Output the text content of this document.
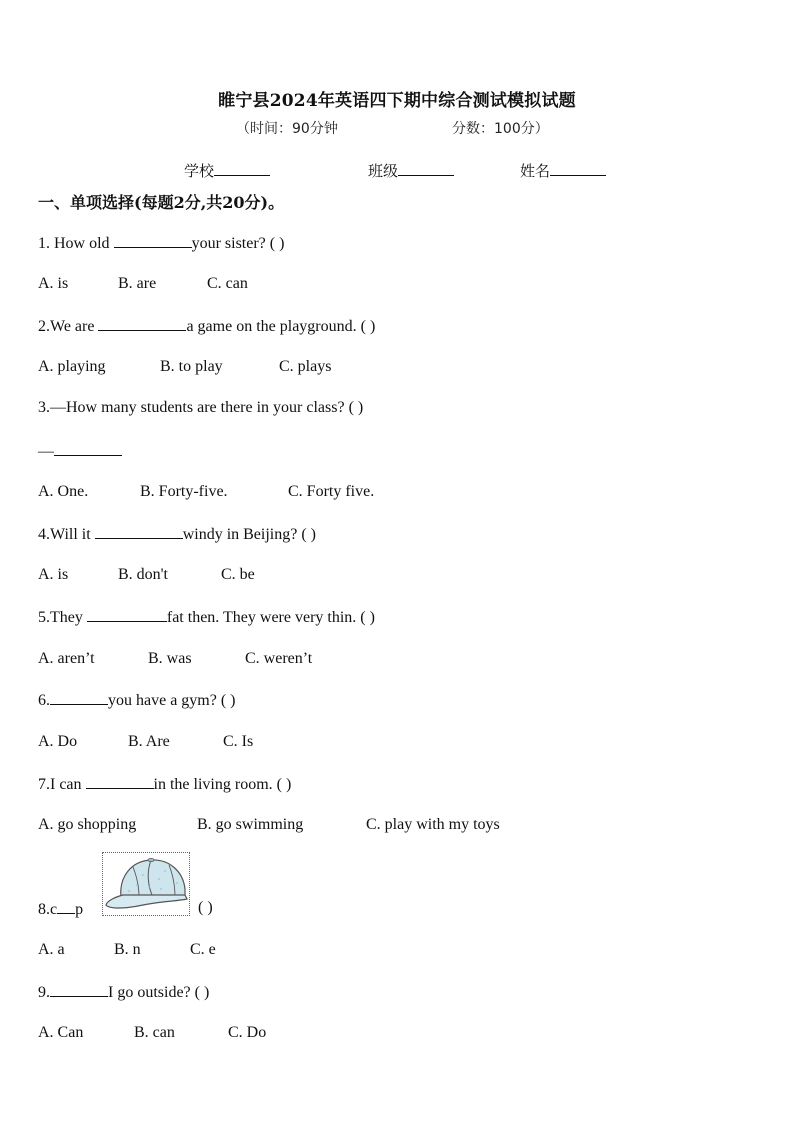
睢宁县2024年英语四下期中综合测试模拟试题
（时间：90分钟	分数：100分）
学校	班级	姓名
一、单项选择(每题2分,共20分)。
1. How old	your sister? ( )
A. is	B. are	C. can
2.We are	a game on the playground. ( )
A. playing	B. to play	C. plays
3.—How many students are there in your class? ( )
—
A. One.	B. Forty-five.	C. Forty five.
4.Will it	windy in Beijing? ( )
A. is	B. don't	C. be
5.They	fat then. They were very thin. ( )
A. aren’t	B. was	C. weren’t
6.	you have a gym? ( )
A. Do	B. Are	C. Is
7.I can	in the living room. ( )
A. go shopping	B. go swimming	C. play with my toys
8.c p	( )
A. a	B. n	C. e
9.	I go outside? ( )
A. Can	B. can	C. Do
